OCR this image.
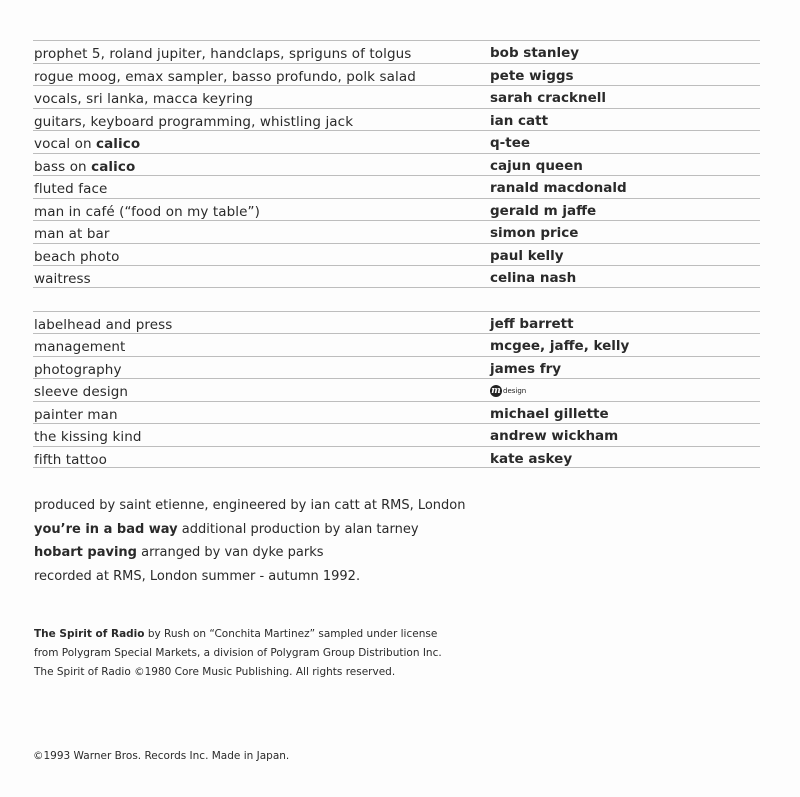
prophet 5, roland jupiter, handclaps, spriguns of tolgus	bob stanley
rogue moog, emax sampler, basso profundo, polk salad	pete wiggs
vocals, sri lanka, macca keyring	sarah cracknell
guitars, keyboard programming, whistling jack	ian catt
vocal on calico	q-tee
bass on calico	cajun queen
fluted face	ranald macdonald
man in café (“food on my table”)	gerald m jaffe
man at bar	simon price
beach photo	paul kelly
waitress	celina nash
labelhead and press	jeff barrett
management	mcgee, jaffe, kelly
photography	james fry
sleeve design	m design
painter man	michael gillette
the kissing kind	andrew wickham
fifth tattoo	kate askey
produced by saint etienne, engineered by ian catt at RMS, London
you’re in a bad way additional production by alan tarney
hobart paving arranged by van dyke parks
recorded at RMS, London summer - autumn 1992.
The Spirit of Radio by Rush on “Conchita Martinez” sampled under license
from Polygram Special Markets, a division of Polygram Group Distribution Inc.
The Spirit of Radio ©1980 Core Music Publishing. All rights reserved.
©1993 Warner Bros. Records Inc. Made in Japan.
